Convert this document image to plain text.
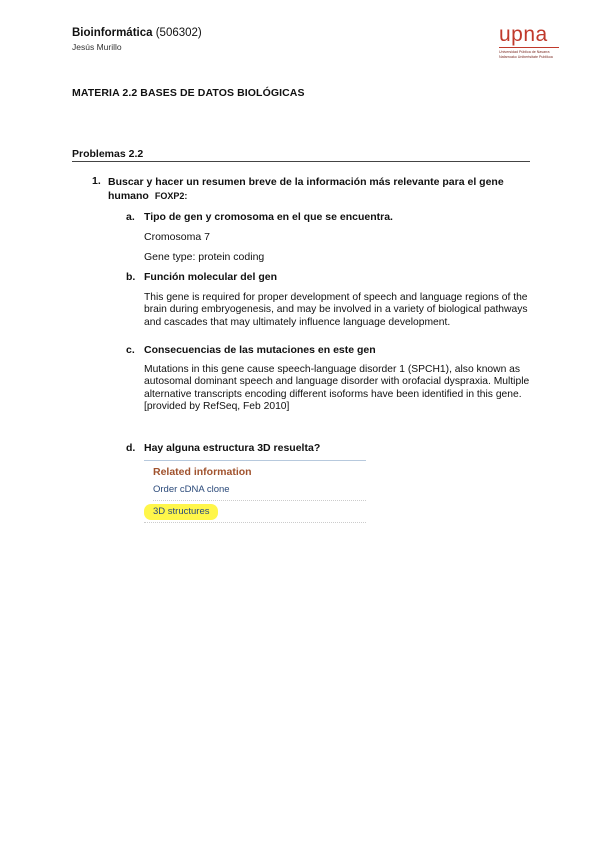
Bioinformática (506302)
Jesús Murillo
upna
Universidad Pública de Navarra
Nafarroako Unibertsitate Publikoa
MATERIA 2.2 BASES DE DATOS BIOLÓGICAS
Problemas 2.2
1. Buscar y hacer un resumen breve de la información más relevante para el gene humano FOXP2:
a. Tipo de gen y cromosoma en el que se encuentra.
Cromosoma 7
Gene type: protein coding
b. Función molecular del gen
This gene is required for proper development of speech and language regions of the brain during embryogenesis, and may be involved in a variety of biological pathways and cascades that may ultimately influence language development.
c. Consecuencias de las mutaciones en este gen
Mutations in this gene cause speech-language disorder 1 (SPCH1), also known as autosomal dominant speech and language disorder with orofacial dyspraxia. Multiple alternative transcripts encoding different isoforms have been identified in this gene.[provided by RefSeq, Feb 2010]
d. Hay alguna estructura 3D resuelta?
Related information
Order cDNA clone
3D structures
